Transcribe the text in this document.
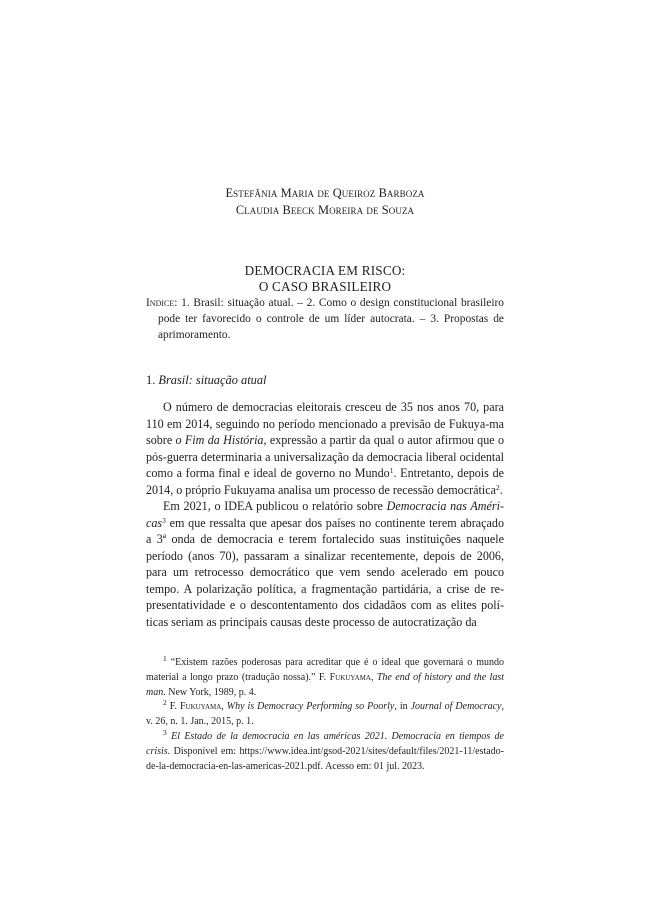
Estefânia Maria de Queiroz Barboza
Claudia Beeck Moreira de Souza
DEMOCRACIA EM RISCO:
O CASO BRASILEIRO
Indice: 1. Brasil: situação atual. – 2. Como o design constitucional brasileiro pode ter favorecido o controle de um líder autocrata. – 3. Propostas de aprimoramento.
1. Brasil: situação atual

O número de democracias eleitorais cresceu de 35 nos anos 70, para 110 em 2014, seguindo no período mencionado a previsão de Fukuya-ma sobre o Fim da História, expressão a partir da qual o autor afirmou que o pós-guerra determinaria a universalização da democracia liberal ocidental como a forma final e ideal de governo no Mundo$^1$. Entretanto, depois de 2014, o próprio Fukuyama analisa um processo de recessão democrática$^2$.

Em 2021, o IDEA publicou o relatório sobre Democracia nas Améri-cas$^3$ em que ressalta que apesar dos países no continente terem abraçado a 3ª onda de democracia e terem fortalecido suas instituições naquele período (anos 70), passaram a sinalizar recentemente, depois de 2006, para um retrocesso democrático que vem sendo acelerado em pouco tempo. A polarização política, a fragmentação partidária, a crise de re-presentatividade e o descontentamento dos cidadãos com as elites polí-ticas seriam as principais causas deste processo de autocratização da

$^1$ “Existem razões poderosas para acreditar que é o ideal que governará o mundo material a longo prazo (tradução nossa).” F. Fukuyama, The end of history and the last man. New York, 1989, p. 4.

$^2$ F. Fukuyama, Why is Democracy Performing so Poorly, in Journal of Democracy, v. 26, n. 1. Jan., 2015, p. 1.

$^3$ El Estado de la democracia en las américas 2021. Democracia en tiempos de crisis. Disponível em: https://www.idea.int/gsod-2021/sites/default/files/2021-11/estado-de-la-democracia-en-las-americas-2021.pdf. Acesso em: 01 jul. 2023.
